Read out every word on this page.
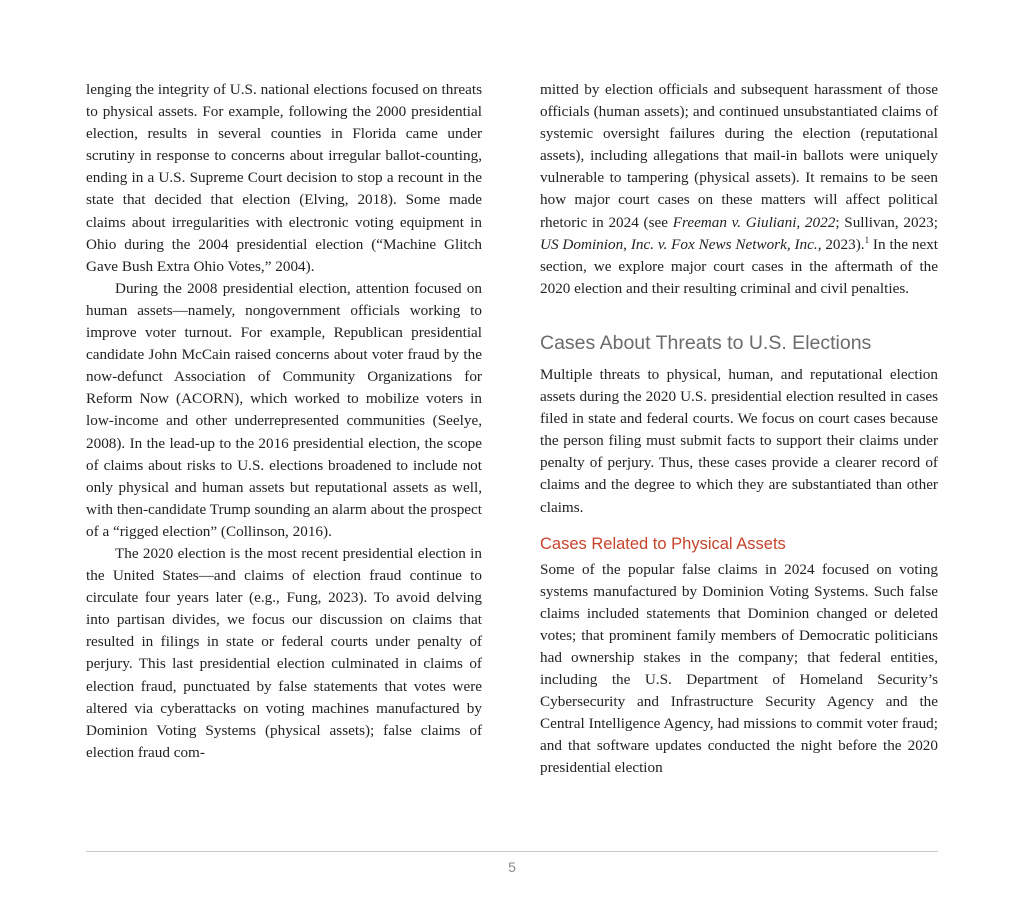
lenging the integrity of U.S. national elections focused on threats to physical assets. For example, following the 2000 presidential election, results in several counties in Florida came under scrutiny in response to concerns about irregular ballot-counting, ending in a U.S. Supreme Court decision to stop a recount in the state that decided that election (Elving, 2018). Some made claims about irregularities with electronic voting equipment in Ohio during the 2004 presidential election (“Machine Glitch Gave Bush Extra Ohio Votes,” 2004).

During the 2008 presidential election, attention focused on human assets—namely, nongovernment officials working to improve voter turnout. For example, Republican presidential candidate John McCain raised concerns about voter fraud by the now-defunct Association of Community Organizations for Reform Now (ACORN), which worked to mobilize voters in low-income and other underrepresented communities (Seelye, 2008). In the lead-up to the 2016 presidential election, the scope of claims about risks to U.S. elections broadened to include not only physical and human assets but reputational assets as well, with then-candidate Trump sounding an alarm about the prospect of a “rigged election” (Collinson, 2016).

The 2020 election is the most recent presidential election in the United States—and claims of election fraud continue to circulate four years later (e.g., Fung, 2023). To avoid delving into partisan divides, we focus our discussion on claims that resulted in filings in state or federal courts under penalty of perjury. This last presidential election culminated in claims of election fraud, punctuated by false statements that votes were altered via cyberattacks on voting machines manufactured by Dominion Voting Systems (physical assets); false claims of election fraud com-

mitted by election officials and subsequent harassment of those officials (human assets); and continued unsubstantiated claims of systemic oversight failures during the election (reputational assets), including allegations that mail-in ballots were uniquely vulnerable to tampering (physical assets). It remains to be seen how major court cases on these matters will affect political rhetoric in 2024 (see Freeman v. Giuliani, 2022; Sullivan, 2023; US Dominion, Inc. v. Fox News Network, Inc., 2023).$^1$ In the next section, we explore major court cases in the aftermath of the 2020 election and their resulting criminal and civil penalties.

Cases About Threats to U.S. Elections

Multiple threats to physical, human, and reputational election assets during the 2020 U.S. presidential election resulted in cases filed in state and federal courts. We focus on court cases because the person filing must submit facts to support their claims under penalty of perjury. Thus, these cases provide a clearer record of claims and the degree to which they are substantiated than other claims.

Cases Related to Physical Assets

Some of the popular false claims in 2024 focused on voting systems manufactured by Dominion Voting Systems. Such false claims included statements that Dominion changed or deleted votes; that prominent family members of Democratic politicians had ownership stakes in the company; that federal entities, including the U.S. Department of Homeland Security’s Cybersecurity and Infrastructure Security Agency and the Central Intelligence Agency, had missions to commit voter fraud; and that software updates conducted the night before the 2020 presidential election

5
